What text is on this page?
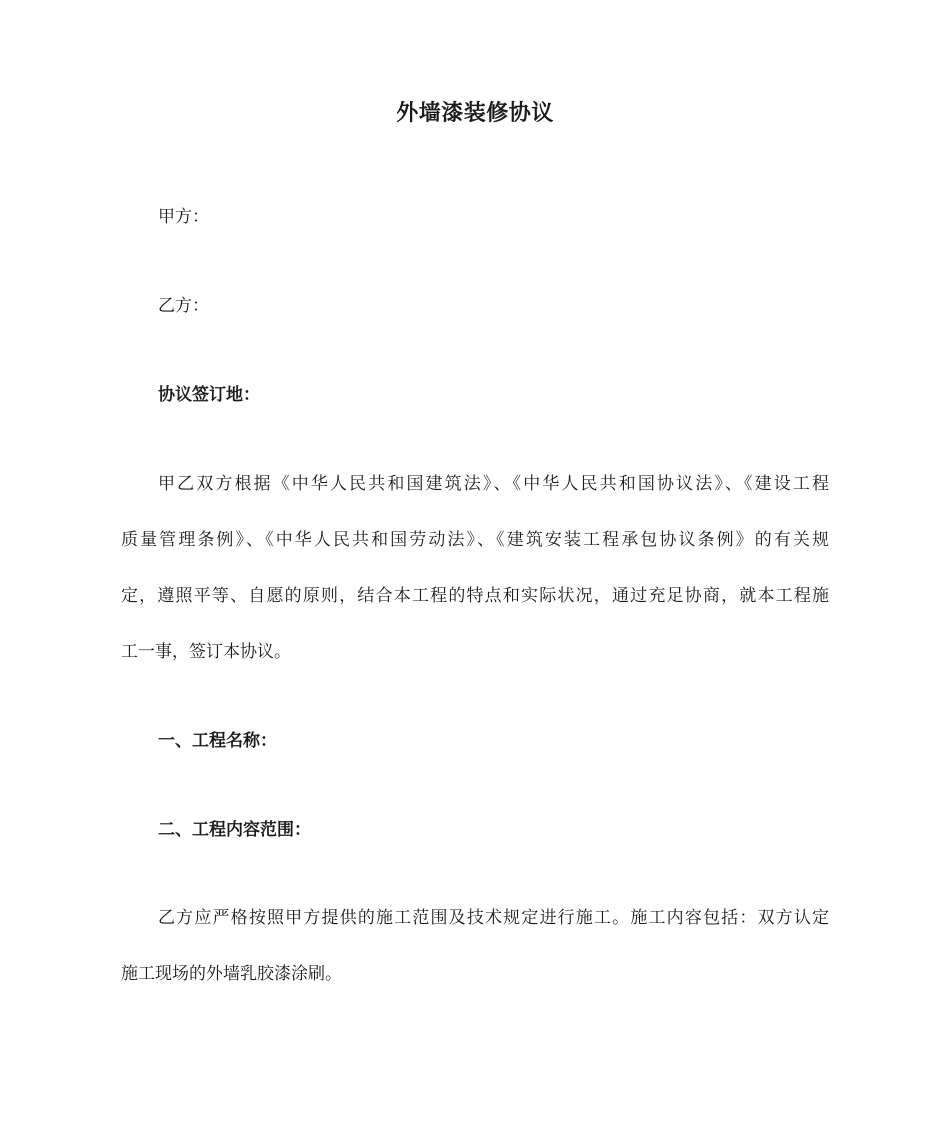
外墙漆装修协议
甲方：
乙方：
协议签订地：
甲乙双方根据《中华人民共和国建筑法》、《中华人民共和国协议法》、《建设工程
质量管理条例》、《中华人民共和国劳动法》、《建筑安装工程承包协议条例》的有关规
定，遵照平等、自愿的原则，结合本工程的特点和实际状况，通过充足协商，就本工程施
工一事，签订本协议。
一、工程名称：
二、工程内容范围：
乙方应严格按照甲方提供的施工范围及技术规定进行施工。施工内容包括：双方认定
施工现场的外墙乳胶漆涂刷。
